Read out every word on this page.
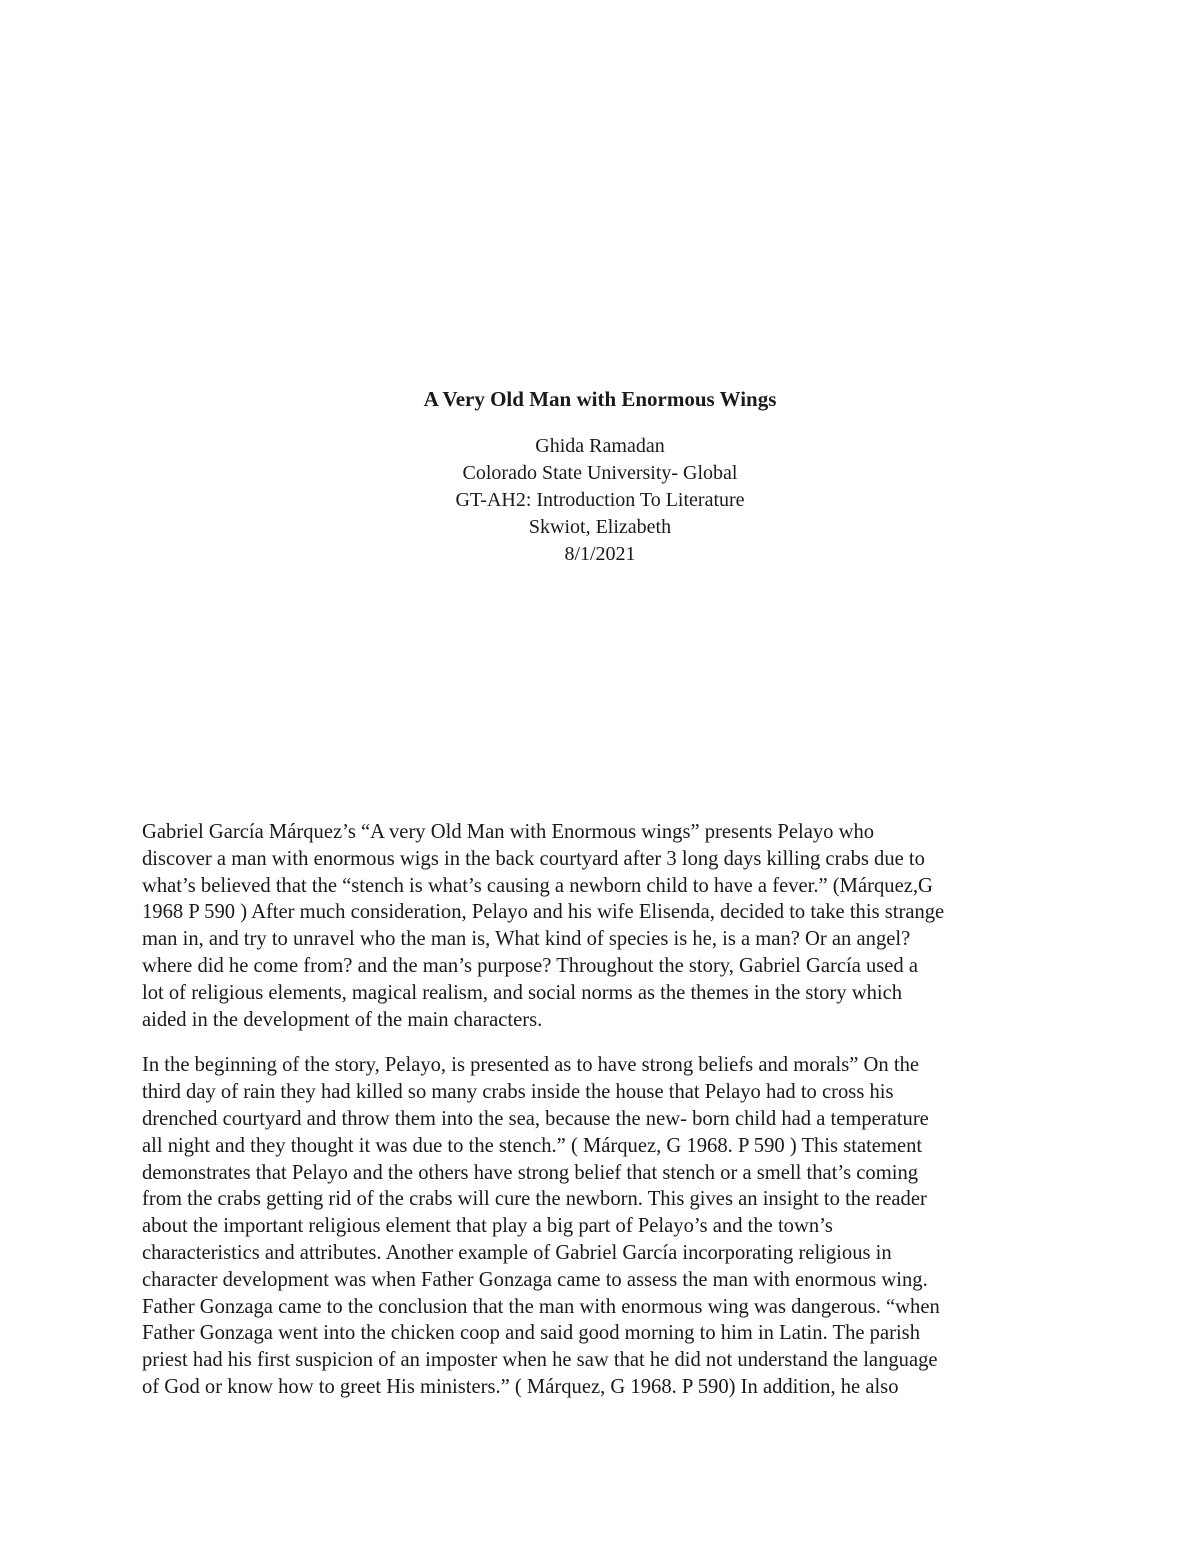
A Very Old Man with Enormous Wings

Ghida Ramadan

Colorado State University- Global

GT-AH2: Introduction To Literature

Skwiot, Elizabeth

8/1/2021

Gabriel García Márquez’s “A very Old Man with Enormous wings” presents Pelayo who
discover a man with enormous wigs in the back courtyard after 3 long days killing crabs due to
what’s believed that the “stench is what’s causing a newborn child to have a fever.” (Márquez,G
1968 P 590 ) After much consideration, Pelayo and his wife Elisenda, decided to take this strange
man in, and try to unravel who the man is, What kind of species is he, is a man? Or an angel?
where did he come from? and the man’s purpose? Throughout the story, Gabriel García used a
lot of religious elements, magical realism, and social norms as the themes in the story which
aided in the development of the main characters.

In the beginning of the story, Pelayo, is presented as to have strong beliefs and morals” On the
third day of rain they had killed so many crabs inside the house that Pelayo had to cross his
drenched courtyard and throw them into the sea, because the new- born child had a temperature
all night and they thought it was due to the stench.” ( Márquez, G 1968. P 590 ) This statement
demonstrates that Pelayo and the others have strong belief that stench or a smell that’s coming
from the crabs getting rid of the crabs will cure the newborn. This gives an insight to the reader
about the important religious element that play a big part of Pelayo’s and the town’s
characteristics and attributes. Another example of Gabriel García incorporating religious in
character development was when Father Gonzaga came to assess the man with enormous wing.
Father Gonzaga came to the conclusion that the man with enormous wing was dangerous. “when
Father Gonzaga went into the chicken coop and said good morning to him in Latin. The parish
priest had his first suspicion of an imposter when he saw that he did not understand the language
of God or know how to greet His ministers.” ( Márquez, G 1968. P 590) In addition, he also
